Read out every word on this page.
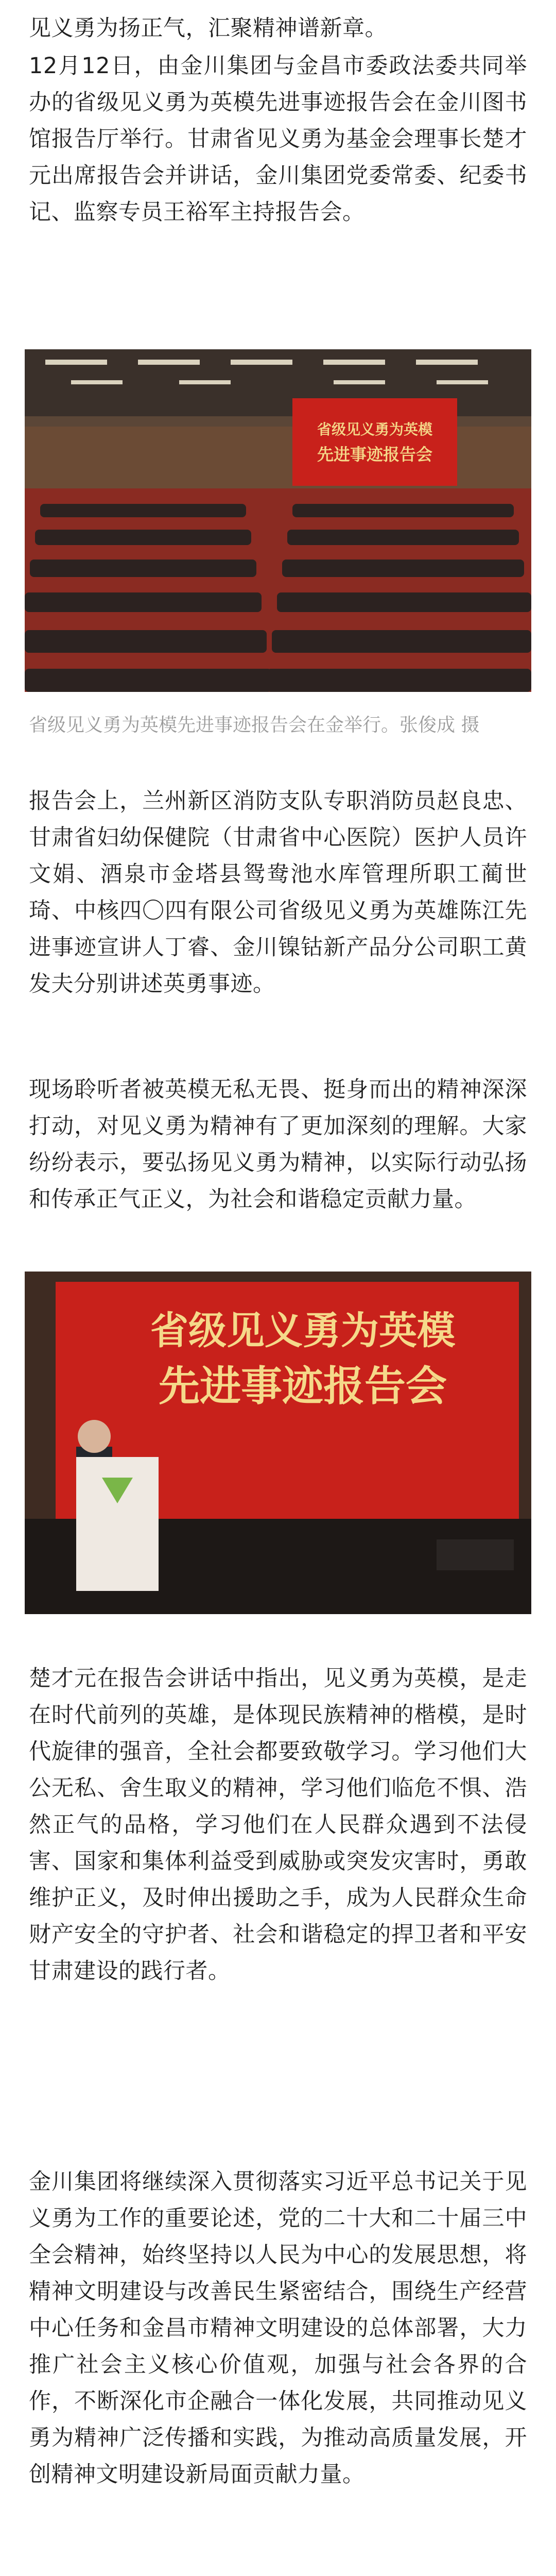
见义勇为扬正气，汇聚精神谱新章。

12月12日，由金川集团与金昌市委政法委共同举办的省级见义勇为英模先进事迹报告会在金川图书馆报告厅举行。甘肃省见义勇为基金会理事长楚才元出席报告会并讲话，金川集团党委常委、纪委书记、监察专员王裕军主持报告会。

省级见义勇为英模
先进事迹报告会

省级见义勇为英模先进事迹报告会在金举行。张俊成 摄

报告会上，兰州新区消防支队专职消防员赵良忠、甘肃省妇幼保健院（甘肃省中心医院）医护人员许文娟、酒泉市金塔县鸳鸯池水库管理所职工蔺世琦、中核四〇四有限公司省级见义勇为英雄陈江先进事迹宣讲人丁睿、金川镍钴新产品分公司职工黄发夫分别讲述英勇事迹。

现场聆听者被英模无私无畏、挺身而出的精神深深打动，对见义勇为精神有了更加深刻的理解。大家纷纷表示，要弘扬见义勇为精神，以实际行动弘扬和传承正气正义，为社会和谐稳定贡献力量。

省级见义勇为英模
先进事迹报告会

楚才元在报告会讲话中指出，见义勇为英模，是走在时代前列的英雄，是体现民族精神的楷模，是时代旋律的强音，全社会都要致敬学习。学习他们大公无私、舍生取义的精神，学习他们临危不惧、浩然正气的品格，学习他们在人民群众遇到不法侵害、国家和集体利益受到威胁或突发灾害时，勇敢维护正义，及时伸出援助之手，成为人民群众生命财产安全的守护者、社会和谐稳定的捍卫者和平安甘肃建设的践行者。

金川集团将继续深入贯彻落实习近平总书记关于见义勇为工作的重要论述，党的二十大和二十届三中全会精神，始终坚持以人民为中心的发展思想，将精神文明建设与改善民生紧密结合，围绕生产经营中心任务和金昌市精神文明建设的总体部署，大力推广社会主义核心价值观，加强与社会各界的合作，不断深化市企融合一体化发展，共同推动见义勇为精神广泛传播和实践，为推动高质量发展，开创精神文明建设新局面贡献力量。
